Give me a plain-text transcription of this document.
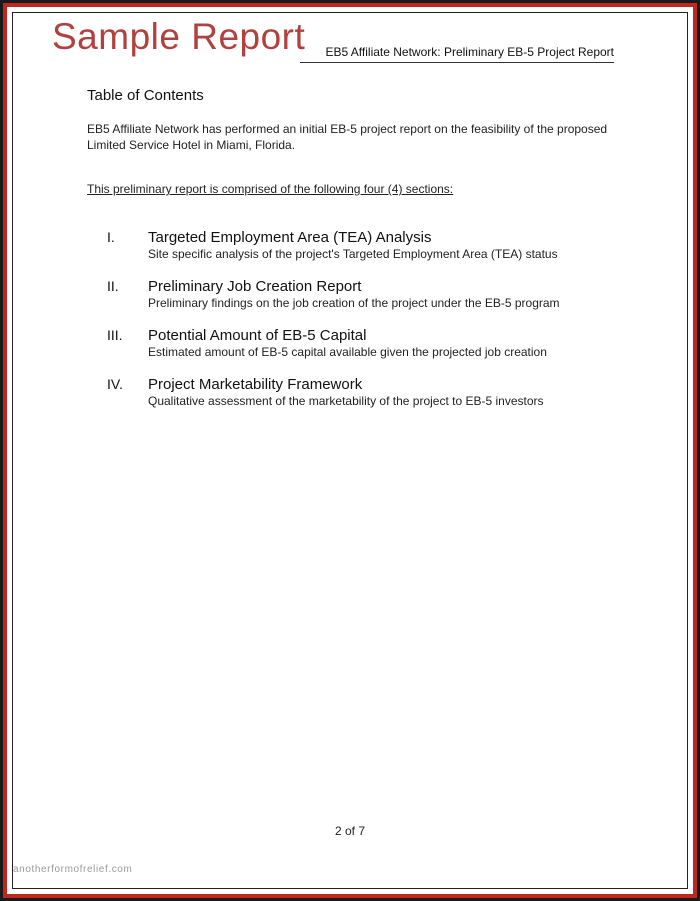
Sample Report EB5 Affiliate Network: Preliminary EB-5 Project Report
Table of Contents
EB5 Affiliate Network has performed an initial EB-5 project report on the feasibility of the proposed Limited Service Hotel in Miami, Florida.
This preliminary report is comprised of the following four (4) sections:
I. Targeted Employment Area (TEA) Analysis
Site specific analysis of the project's Targeted Employment Area (TEA) status
II. Preliminary Job Creation Report
Preliminary findings on the job creation of the project under the EB-5 program
III. Potential Amount of EB-5 Capital
Estimated amount of EB-5 capital available given the projected job creation
IV. Project Marketability Framework
Qualitative assessment of the marketability of the project to EB-5 investors
2 of 7
anotherformofrelief.com
